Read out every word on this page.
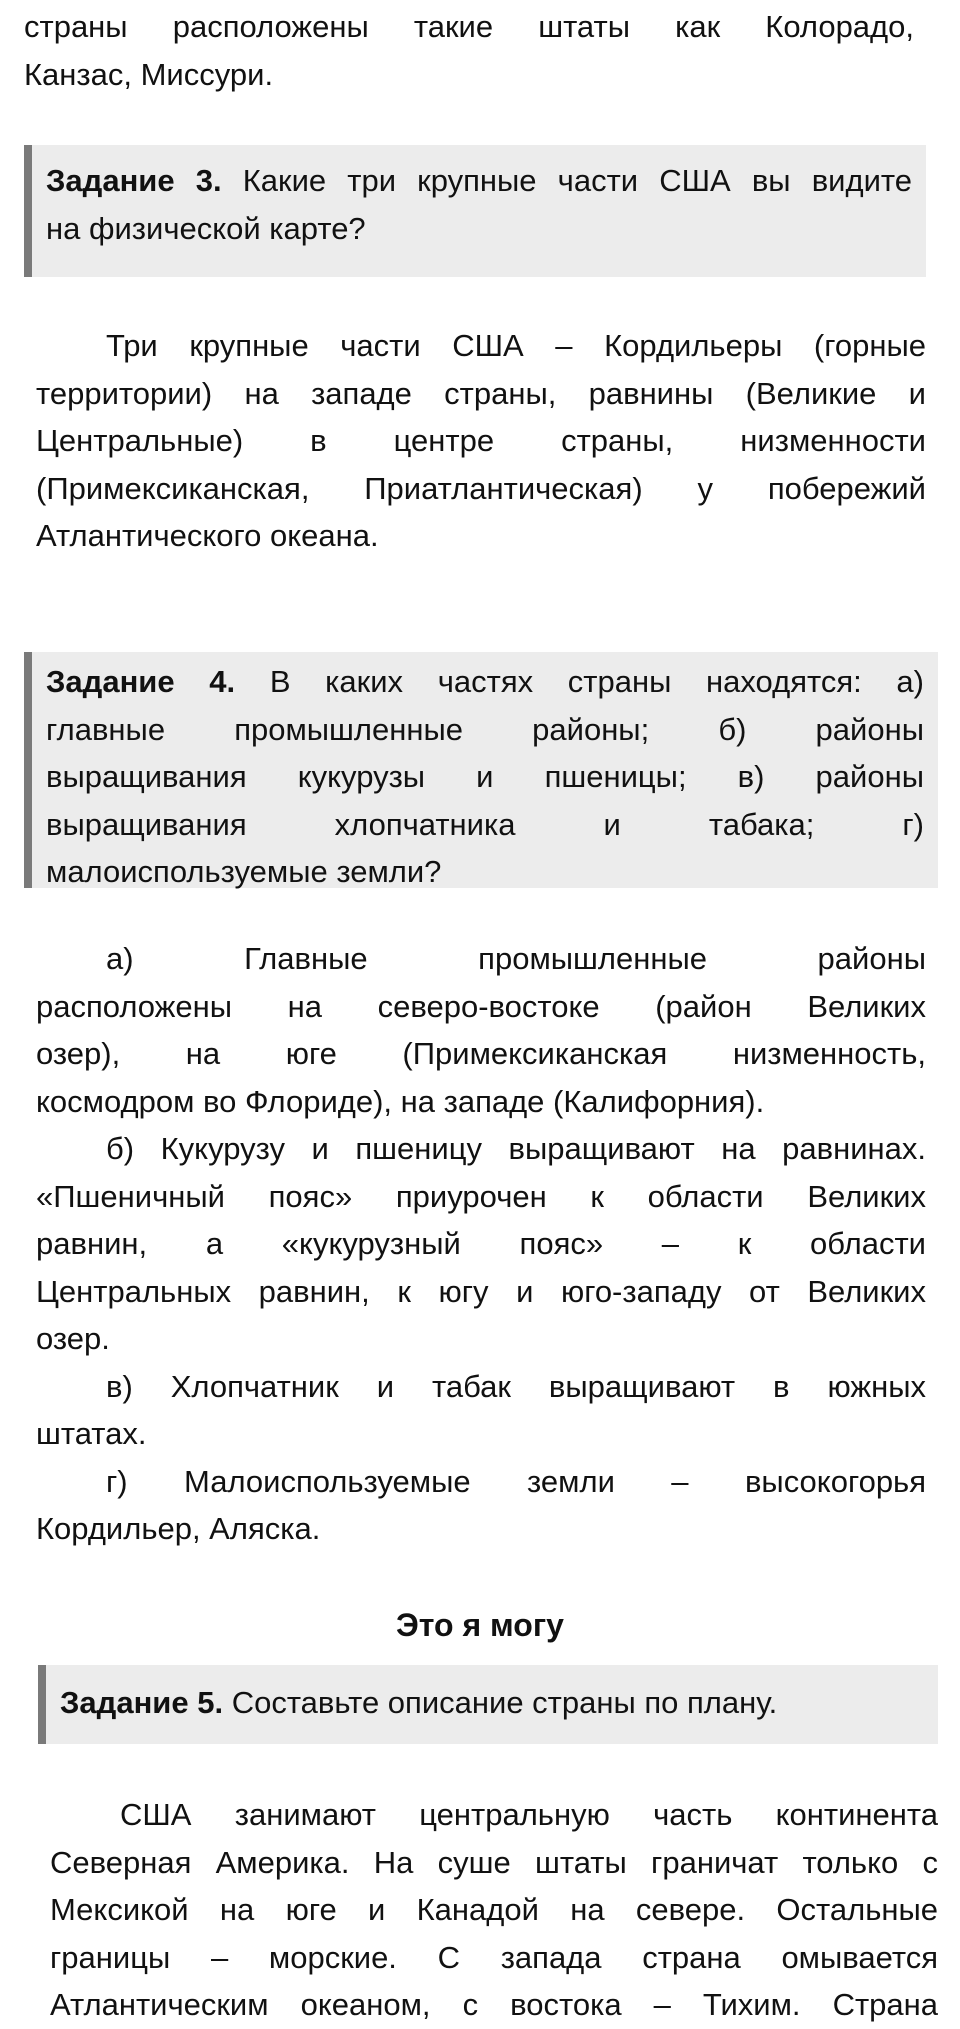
страны расположены такие штаты как Колорадо,
Канзас, Миссури.
Задание 3. Какие три крупные части США вы видите
на физической карте?
Три крупные части США – Кордильеры (горные
территории) на западе страны, равнины (Великие и
Центральные) в центре страны, низменности
(Примексиканская, Приатлантическая) у побережий
Атлантического океана.
Задание 4. В каких частях страны находятся: а)
главные промышленные районы; б) районы
выращивания кукурузы и пшеницы; в) районы
выращивания хлопчатника и табака; г)
малоиспользуемые земли?
а) Главные промышленные районы
расположены на северо-востоке (район Великих
озер), на юге (Примексиканская низменность,
космодром во Флориде), на западе (Калифорния).
б) Кукурузу и пшеницу выращивают на равнинах.
«Пшеничный пояс» приурочен к области Великих
равнин, а «кукурузный пояс» – к области
Центральных равнин, к югу и юго-западу от Великих
озер.
в) Хлопчатник и табак выращивают в южных
штатах.
г) Малоиспользуемые земли – высокогорья
Кордильер, Аляска.
Это я могу
Задание 5. Составьте описание страны по плану.
США занимают центральную часть континента
Северная Америка. На суше штаты граничат только с
Мексикой на юге и Канадой на севере. Остальные
границы – морские. С запада страна омывается
Атлантическим океаном, с востока – Тихим. Страна
